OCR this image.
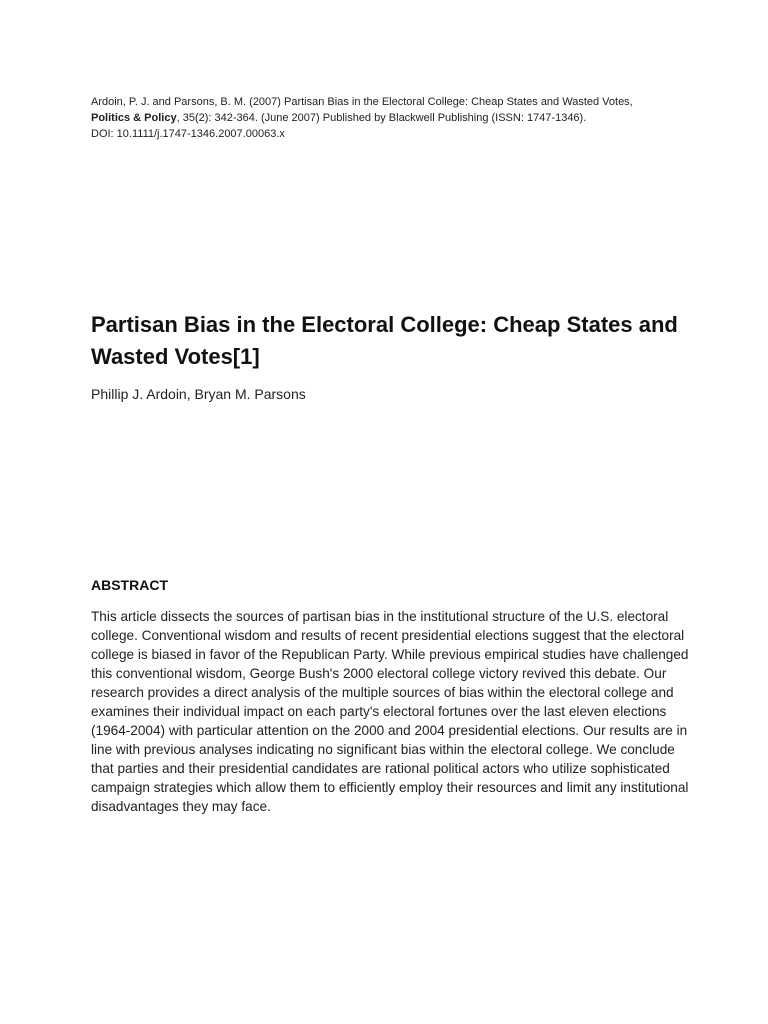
Ardoin, P. J. and Parsons, B. M. (2007) Partisan Bias in the Electoral College: Cheap States and Wasted Votes,
Politics & Policy, 35(2): 342-364. (June 2007) Published by Blackwell Publishing (ISSN: 1747-1346).
DOI: 10.1111/j.1747-1346.2007.00063.x
Partisan Bias in the Electoral College: Cheap States and Wasted Votes[1]
Phillip J. Ardoin, Bryan M. Parsons
ABSTRACT

This article dissects the sources of partisan bias in the institutional structure of the U.S. electoral college. Conventional wisdom and results of recent presidential elections suggest that the electoral college is biased in favor of the Republican Party. While previous empirical studies have challenged this conventional wisdom, George Bush's 2000 electoral college victory revived this debate. Our research provides a direct analysis of the multiple sources of bias within the electoral college and examines their individual impact on each party's electoral fortunes over the last eleven elections (1964-2004) with particular attention on the 2000 and 2004 presidential elections. Our results are in line with previous analyses indicating no significant bias within the electoral college. We conclude that parties and their presidential candidates are rational political actors who utilize sophisticated campaign strategies which allow them to efficiently employ their resources and limit any institutional disadvantages they may face.
